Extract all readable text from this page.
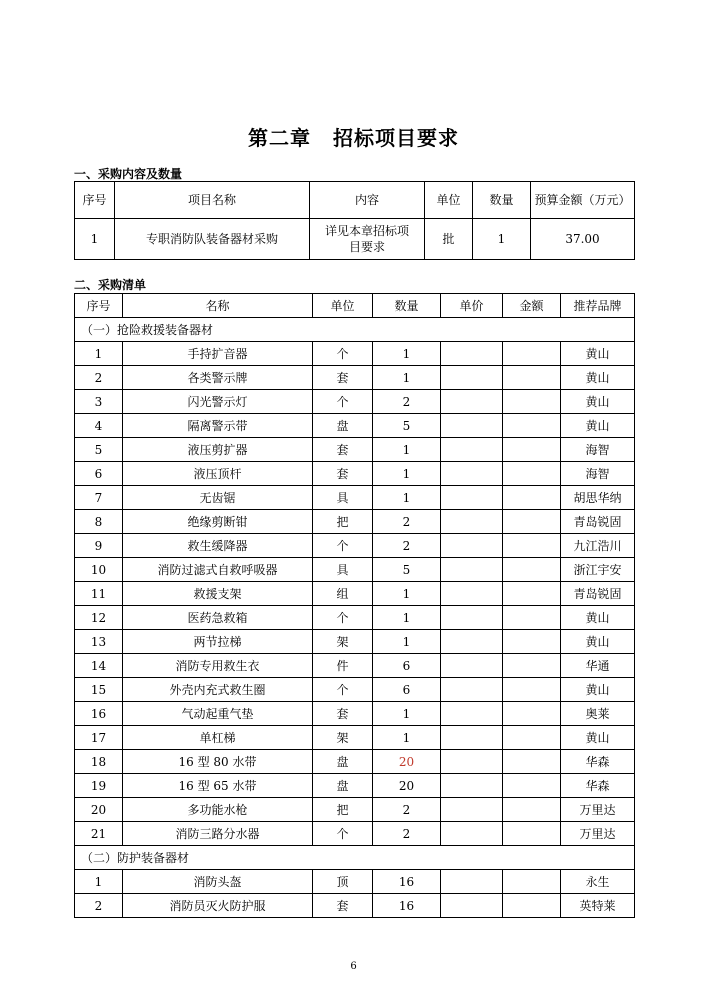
第二章 招标项目要求
一、采购内容及数量
序号	项目名称	内容	单位	数量	预算金额（万元）
1	专职消防队装备器材采购	详见本章招标项目要求	批	1	37.00
二、采购清单
序号	名称	单位	数量	单价	金额	推荐品牌
（一）抢险救援装备器材						
1	手持扩音器	个	1			黄山
2	各类警示牌	套	1			黄山
3	闪光警示灯	个	2			黄山
4	隔离警示带	盘	5			黄山
5	液压剪扩器	套	1			海智
6	液压顶杆	套	1			海智
7	无齿锯	具	1			胡思华纳
8	绝缘剪断钳	把	2			青岛锐固
9	救生缓降器	个	2			九江浩川
10	消防过滤式自救呼吸器	具	5			浙江宇安
11	救援支架	组	1			青岛锐固
12	医药急救箱	个	1			黄山
13	两节拉梯	架	1			黄山
14	消防专用救生衣	件	6			华通
15	外壳内充式救生圈	个	6			黄山
16	气动起重气垫	套	1			奥莱
17	单杠梯	架	1			黄山
18	16 型 80 水带	盘	20			华森
19	16 型 65 水带	盘	20			华森
20	多功能水枪	把	2			万里达
21	消防三路分水器	个	2			万里达
（二）防护装备器材						
1	消防头盔	顶	16			永生
2	消防员灭火防护服	套	16			英特莱
6
